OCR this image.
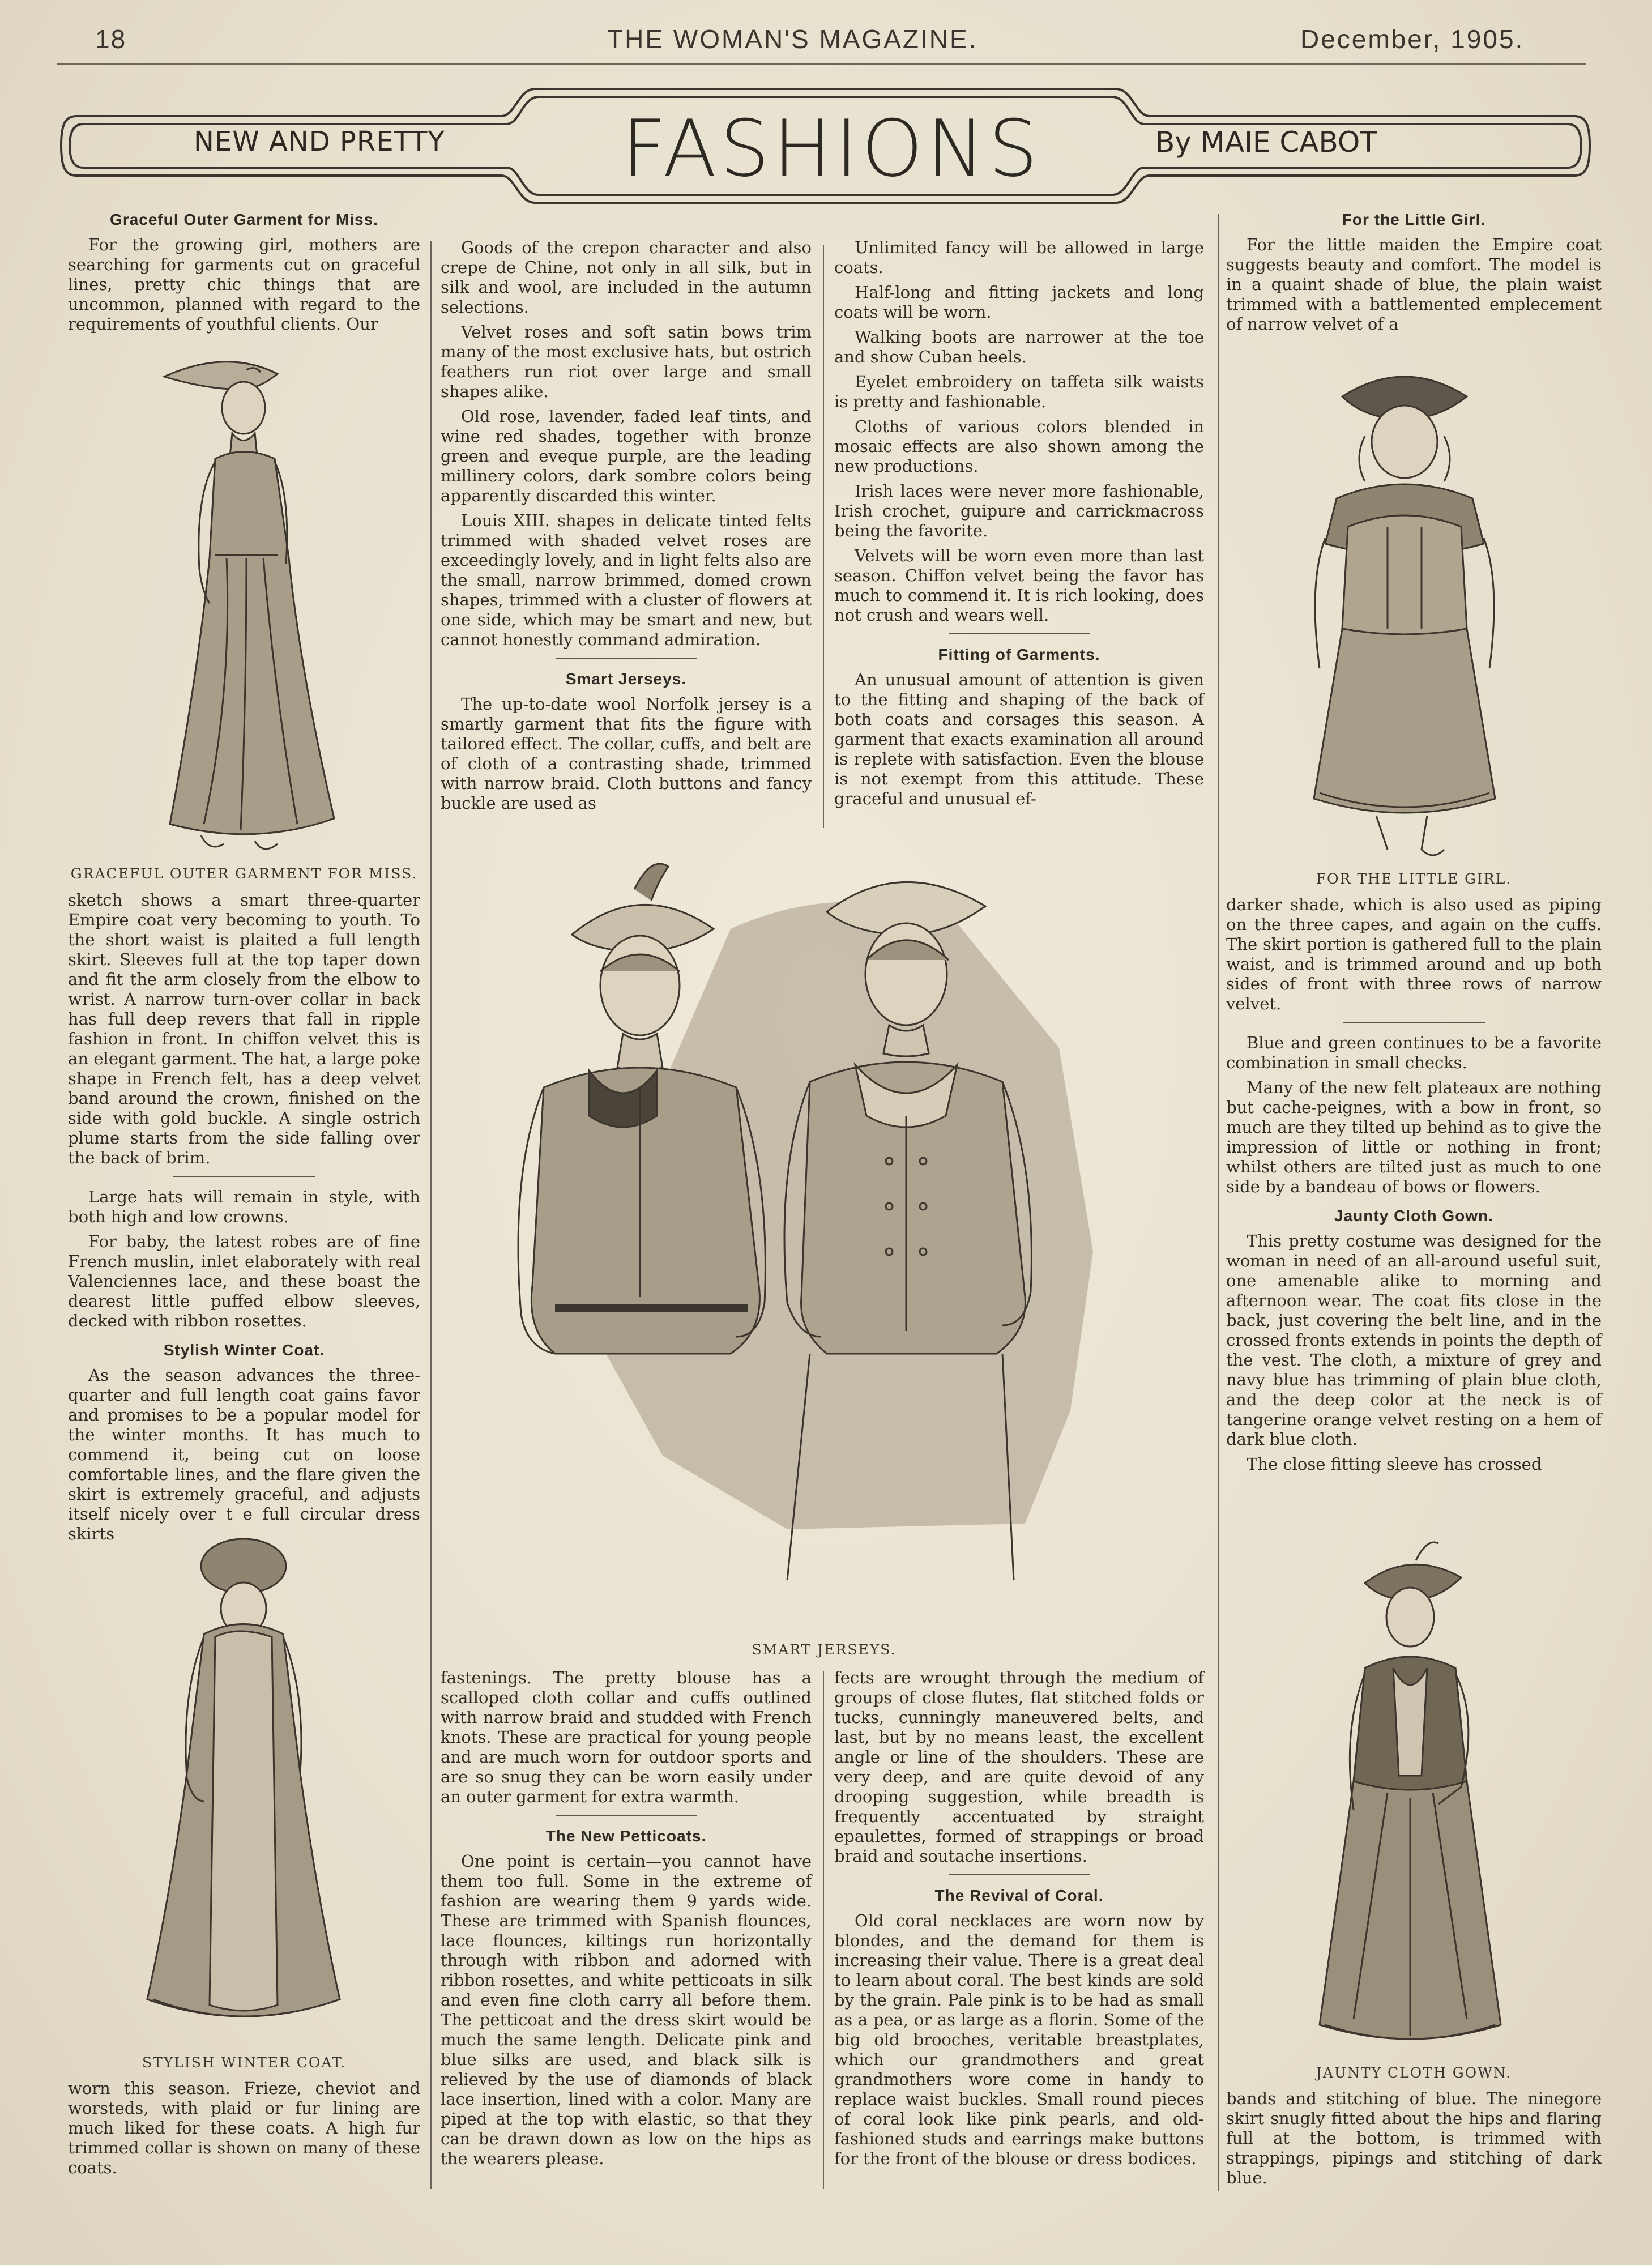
18	THE WOMAN'S MAGAZINE.	December, 1905.
NEW AND PRETTY FASHIONS	By MAIE CABOT
Graceful Outer Garment for Miss.

For the growing girl, mothers are searching for garments cut on graceful lines, pretty chic things that are uncommon, planned with regard to the requirements of youthful clients. Our

GRACEFUL OUTER GARMENT FOR MISS.

sketch shows a smart three-quarter Empire coat very becoming to youth. To the short waist is plaited a full length skirt. Sleeves full at the top taper down and fit the arm closely from the elbow to wrist. A narrow turn-over collar in back has full deep revers that fall in ripple fashion in front. In chiffon velvet this is an elegant garment. The hat, a large poke shape in French felt, has a deep velvet band around the crown, finished on the side with gold buckle. A single ostrich plume starts from the side falling over the back of brim.

Large hats will remain in style, with both high and low crowns.

For baby, the latest robes are of fine French muslin, inlet elaborately with real Valenciennes lace, and these boast the dearest little puffed elbow sleeves, decked with ribbon rosettes.

Stylish Winter Coat.

As the season advances the three-quarter and full length coat gains favor and promises to be a popular model for the winter months. It has much to commend it, being cut on loose comfortable lines, and the flare given the skirt is extremely graceful, and adjusts itself nicely over t e full circular dress skirts

STYLISH WINTER COAT.

worn this season. Frieze, cheviot and worsteds, with plaid or fur lining are much liked for these coats. A high fur trimmed collar is shown on many of these coats.

Goods of the crepon character and also crepe de Chine, not only in all silk, but in silk and wool, are included in the autumn selections.

Velvet roses and soft satin bows trim many of the most exclusive hats, but ostrich feathers run riot over large and small shapes alike.

Old rose, lavender, faded leaf tints, and wine red shades, together with bronze green and eveque purple, are the leading millinery colors, dark sombre colors being apparently discarded this winter.

Louis XIII. shapes in delicate tinted felts trimmed with shaded velvet roses are exceedingly lovely, and in light felts also are the small, narrow brimmed, domed crown shapes, trimmed with a cluster of flowers at one side, which may be smart and new, but cannot honestly command admiration.

Smart Jerseys.

The up-to-date wool Norfolk jersey is a smartly garment that fits the figure with tailored effect. The collar, cuffs, and belt are of cloth of a contrasting shade, trimmed with narrow braid. Cloth buttons and fancy buckle are used as

Unlimited fancy will be allowed in large coats.

Half-long and fitting jackets and long coats will be worn.

Walking boots are narrower at the toe and show Cuban heels.

Eyelet embroidery on taffeta silk waists is pretty and fashionable.

Cloths of various colors blended in mosaic effects are also shown among the new productions.

Irish laces were never more fashionable, Irish crochet, guipure and carrickmacross being the favorite.

Velvets will be worn even more than last season. Chiffon velvet being the favor has much to commend it. It is rich looking, does not crush and wears well.

Fitting of Garments.

An unusual amount of attention is given to the fitting and shaping of the back of both coats and corsages this season. A garment that exacts examination all around is replete with satisfaction. Even the blouse is not exempt from this attitude. These graceful and unusual ef-

SMART JERSEYS.

fastenings. The pretty blouse has a scalloped cloth collar and cuffs outlined with narrow braid and studded with French knots. These are practical for young people and are much worn for outdoor sports and are so snug they can be worn easily under an outer garment for extra warmth.

The New Petticoats.

One point is certain—you cannot have them too full. Some in the extreme of fashion are wearing them 9 yards wide. These are trimmed with Spanish flounces, lace flounces, kiltings run horizontally through with ribbon and adorned with ribbon rosettes, and white petticoats in silk and even fine cloth carry all before them. The petticoat and the dress skirt would be much the same length. Delicate pink and blue silks are used, and black silk is relieved by the use of diamonds of black lace insertion, lined with a color. Many are piped at the top with elastic, so that they can be drawn down as low on the hips as the wearers please.

fects are wrought through the medium of groups of close flutes, flat stitched folds or tucks, cunningly maneuvered belts, and last, but by no means least, the excellent angle or line of the shoulders. These are very deep, and are quite devoid of any drooping suggestion, while breadth is frequently accentuated by straight epaulettes, formed of strappings or broad braid and soutache insertions.

The Revival of Coral.

Old coral necklaces are worn now by blondes, and the demand for them is increasing their value. There is a great deal to learn about coral. The best kinds are sold by the grain. Pale pink is to be had as small as a pea, or as large as a florin. Some of the big old brooches, veritable breastplates, which our grandmothers and great grandmothers wore come in handy to replace waist buckles. Small round pieces of coral look like pink pearls, and old-fashioned studs and earrings make buttons for the front of the blouse or dress bodices.

For the Little Girl.

For the little maiden the Empire coat suggests beauty and comfort. The model is in a quaint shade of blue, the plain waist trimmed with a battlemented emplecement of narrow velvet of a

FOR THE LITTLE GIRL.

darker shade, which is also used as piping on the three capes, and again on the cuffs. The skirt portion is gathered full to the plain waist, and is trimmed around and up both sides of front with three rows of narrow velvet.

Blue and green continues to be a favorite combination in small checks.

Many of the new felt plateaux are nothing but cache-peignes, with a bow in front, so much are they tilted up behind as to give the impression of little or nothing in front; whilst others are tilted just as much to one side by a bandeau of bows or flowers.

Jaunty Cloth Gown.

This pretty costume was designed for the woman in need of an all-around useful suit, one amenable alike to morning and afternoon wear. The coat fits close in the back, just covering the belt line, and in the crossed fronts extends in points the depth of the vest. The cloth, a mixture of grey and navy blue has trimming of plain blue cloth, and the deep color at the neck is of tangerine orange velvet resting on a hem of dark blue cloth.

The close fitting sleeve has crossed

JAUNTY CLOTH GOWN.

bands and stitching of blue. The ninegore skirt snugly fitted about the hips and flaring full at the bottom, is trimmed with strappings, pipings and stitching of dark blue.
